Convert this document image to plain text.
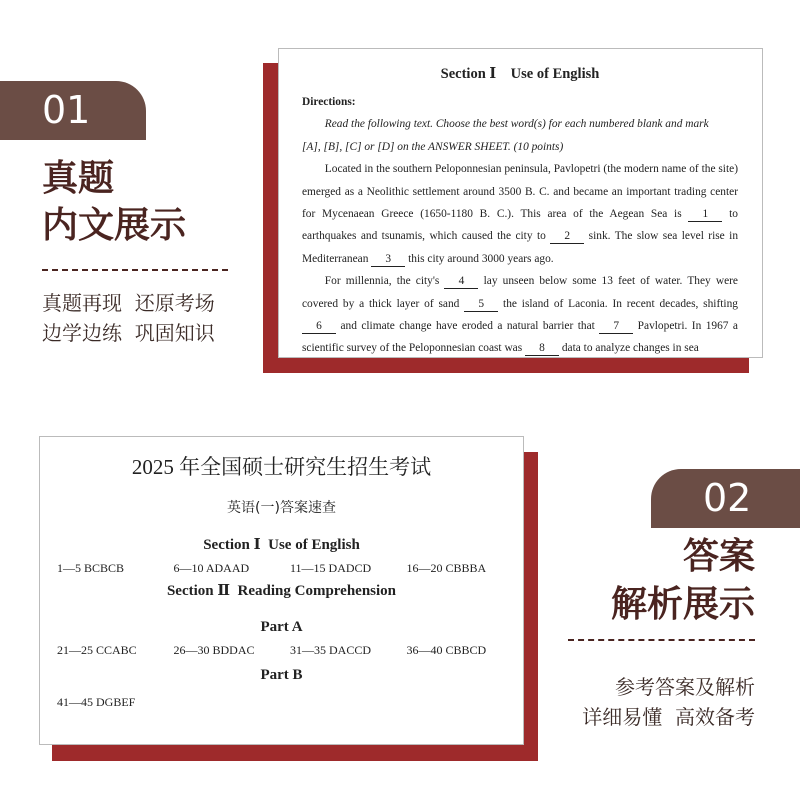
01
真题
内文展示
真题再现  还原考场
边学边练  巩固知识
Section Ⅰ    Use of English
Directions:

Read the following text. Choose the best word(s) for each numbered blank and mark

[A], [B], [C] or [D] on the ANSWER SHEET. (10 points)

Located in the southern Peloponnesian peninsula, Pavlopetri (the modern name of the site) emerged as a Neolithic settlement around 3500 B. C. and became an important trading center for Mycenaean Greece (1650-1180 B. C.). This area of the Aegean Sea is 1 to earthquakes and tsunamis, which caused the city to 2 sink. The slow sea level rise in Mediterranean 3 this city around 3000 years ago.

For millennia, the city's 4 lay unseen below some 13 feet of water. They were covered by a thick layer of sand 5 the island of Laconia. In recent decades, shifting 6 and climate change have eroded a natural barrier that 7 Pavlopetri. In 1967 a scientific survey of the Peloponnesian coast was 8 data to analyze changes in sea

2025 年全国硕士研究生招生考试
英语(一)答案速查
Section Ⅰ  Use of English
1—5 BCBCB	6—10 ADAAD	11—15 DADCD	16—20 CBBBA
Section Ⅱ  Reading Comprehension
Part A
21—25 CCABC	26—30 BDDAC	31—35 DACCD	36—40 CBBCD
Part B
41—45 DGBEF
02
答案
解析展示
参考答案及解析
详细易懂  高效备考
